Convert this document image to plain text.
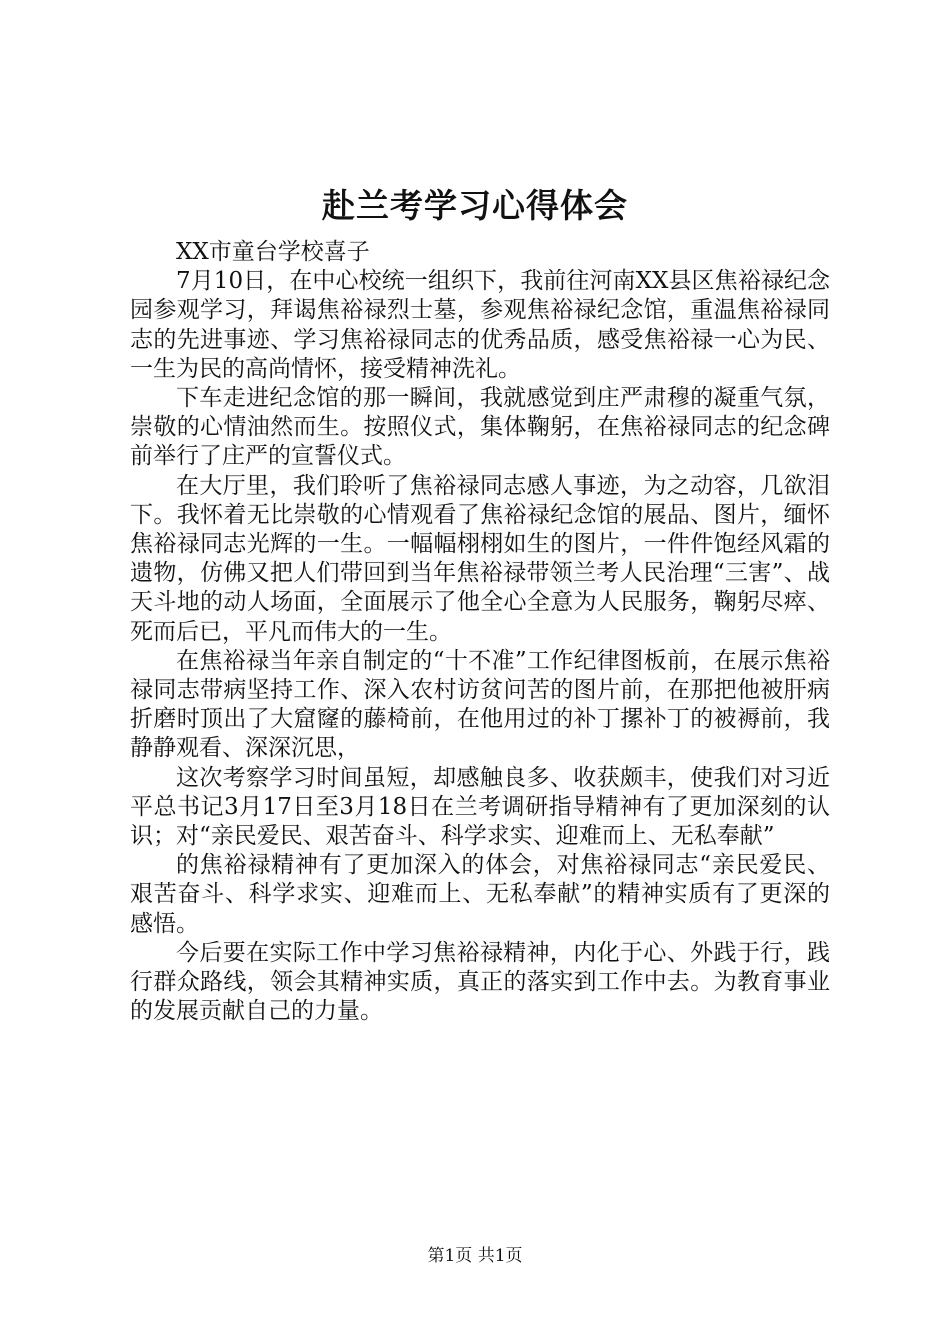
赴兰考学习心得体会

XX市童台学校喜子

7月10日，在中心校统一组织下，我前往河南XX县区焦裕禄纪念园参观学习，拜谒焦裕禄烈士墓，参观焦裕禄纪念馆，重温焦裕禄同志的先进事迹、学习焦裕禄同志的优秀品质，感受焦裕禄一心为民、一生为民的高尚情怀，接受精神洗礼。

下车走进纪念馆的那一瞬间，我就感觉到庄严肃穆的凝重气氛，崇敬的心情油然而生。按照仪式，集体鞠躬，在焦裕禄同志的纪念碑前举行了庄严的宣誓仪式。

在大厅里，我们聆听了焦裕禄同志感人事迹，为之动容，几欲泪下。我怀着无比崇敬的心情观看了焦裕禄纪念馆的展品、图片，缅怀焦裕禄同志光辉的一生。一幅幅栩栩如生的图片，一件件饱经风霜的遗物，仿佛又把人们带回到当年焦裕禄带领兰考人民治理“三害”、战天斗地的动人场面，全面展示了他全心全意为人民服务，鞠躬尽瘁、死而后已，平凡而伟大的一生。

在焦裕禄当年亲自制定的“十不准”工作纪律图板前，在展示焦裕禄同志带病坚持工作、深入农村访贫问苦的图片前，在那把他被肝病折磨时顶出了大窟窿的藤椅前，在他用过的补丁摞补丁的被褥前，我静静观看、深深沉思，

这次考察学习时间虽短，却感触良多、收获颇丰，使我们对习近平总书记3月17日至3月18日在兰考调研指导精神有了更加深刻的认识；对“亲民爱民、艰苦奋斗、科学求实、迎难而上、无私奉献”

的焦裕禄精神有了更加深入的体会，对焦裕禄同志“亲民爱民、艰苦奋斗、科学求实、迎难而上、无私奉献”的精神实质有了更深的感悟。

今后要在实际工作中学习焦裕禄精神，内化于心、外践于行，践行群众路线，领会其精神实质，真正的落实到工作中去。为教育事业的发展贡献自己的力量。

第1页 共1页
